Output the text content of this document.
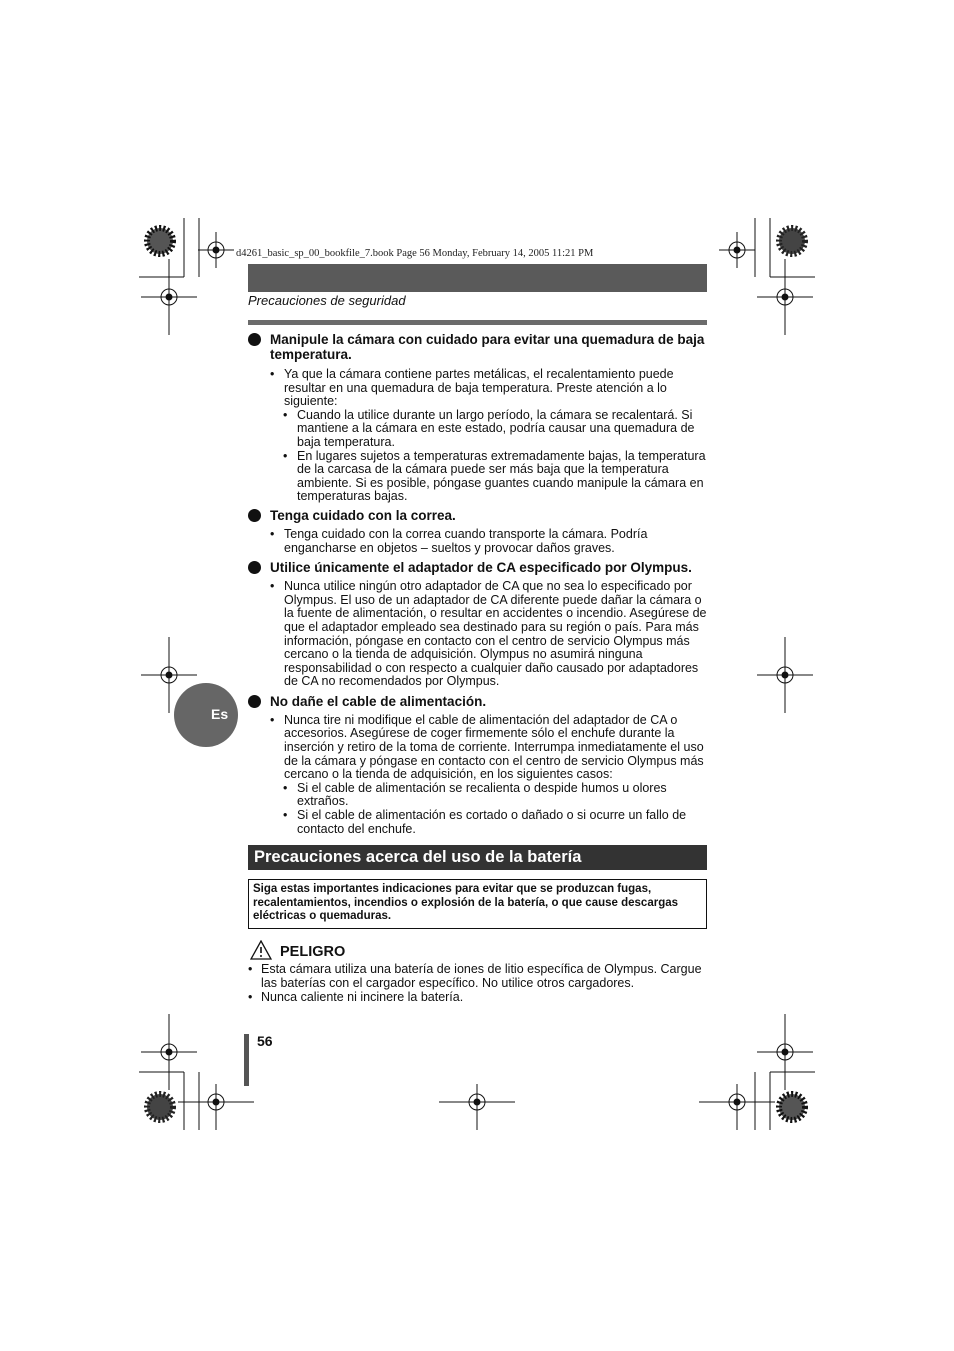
d4261_basic_sp_00_bookfile_7.book Page 56 Monday, February 14, 2005 11:21 PM
Precauciones de seguridad
Manipule la cámara con cuidado para evitar una quemadura de baja temperatura.
• Ya que la cámara contiene partes metálicas, el recalentamiento puede resultar en una quemadura de baja temperatura. Preste atención a lo siguiente:
• Cuando la utilice durante un largo período, la cámara se recalentará. Si mantiene a la cámara en este estado, podría causar una quemadura de baja temperatura.
• En lugares sujetos a temperaturas extremadamente bajas, la temperatura de la carcasa de la cámara puede ser más baja que la temperatura ambiente. Si es posible, póngase guantes cuando manipule la cámara en temperaturas bajas.
Tenga cuidado con la correa.
• Tenga cuidado con la correa cuando transporte la cámara. Podría engancharse en objetos – sueltos y provocar daños graves.
Utilice únicamente el adaptador de CA especificado por Olympus.
• Nunca utilice ningún otro adaptador de CA que no sea lo especificado por Olympus. El uso de un adaptador de CA diferente puede dañar la cámara o la fuente de alimentación, o resultar en accidentes o incendio. Asegúrese de que el adaptador empleado sea destinado para su región o país. Para más información, póngase en contacto con el centro de servicio Olympus más cercano o la tienda de adquisición. Olympus no asumirá ninguna responsabilidad o con respecto a cualquier daño causado por adaptadores de CA no recomendados por Olympus.
No dañe el cable de alimentación.
• Nunca tire ni modifique el cable de alimentación del adaptador de CA o accesorios. Asegúrese de coger firmemente sólo el enchufe durante la inserción y retiro de la toma de corriente. Interrumpa inmediatamente el uso de la cámara y póngase en contacto con el centro de servicio Olympus más cercano o la tienda de adquisición, en los siguientes casos:
• Si el cable de alimentación se recalienta o despide humos u olores extraños.
• Si el cable de alimentación es cortado o dañado o si ocurre un fallo de contacto del enchufe.
Precauciones acerca del uso de la batería
Siga estas importantes indicaciones para evitar que se produzcan fugas, recalentamientos, incendios o explosión de la batería, o que cause descargas eléctricas o quemaduras.
PELIGRO
• Esta cámara utiliza una batería de iones de litio específica de Olympus. Cargue las baterías con el cargador específico. No utilice otros cargadores.
• Nunca caliente ni incinere la batería.
Es
56
